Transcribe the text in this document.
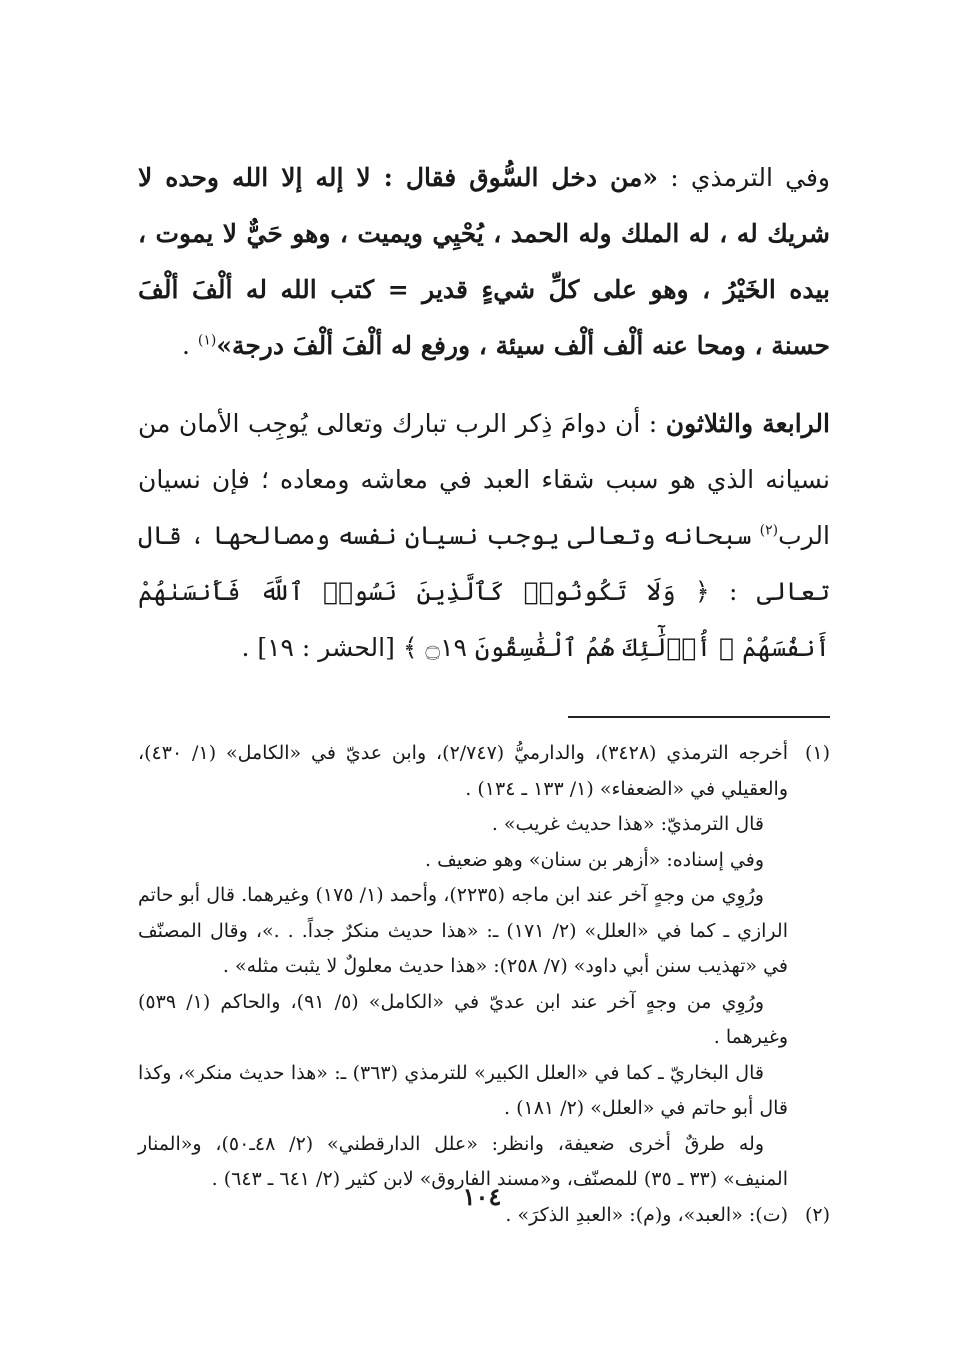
وفي الترمذي : «من دخل السُّوق فقال : لا إله إلا الله وحده لا شريك له ، له الملك وله الحمد ، يُحْيِي ويميت ، وهو حَيٌّ لا يموت ، بيده الخَيْرُ ، وهو على كلِّ شيءٍ قدير = كتب الله له ألْفَ ألْفَ حسنة ، ومحا عنه ألْف ألْف سيئة ، ورفع له ألْفَ ألْفَ درجة»$^{(١)}$ .

الرابعة والثلاثون : أن دوامَ ذِكر الرب تبارك وتعالى يُوجِب الأمان من نسيانه الذي هو سبب شقاء العبد في معاشه ومعاده ؛ فإن نسيان الرب$^{(٢)}$ سبحانه وتعالى يوجب نسيان نفسه ومصالحها ، قال تعالى : ﴿ وَلَا تَكُونُوا۟ كَٱلَّذِينَ نَسُوا۟ ٱللَّهَ فَأَنسَىٰهُمْ أَنفُسَهُمْ ۚ أُو۟لَٰٓئِكَ هُمُ ٱلْفَٰسِقُونَ ۝١٩ ﴾ [الحشر : ١٩] .

(١)

أخرجه الترمذي (٣٤٢٨)، والدارميُّ (٢/٧٤٧)، وابن عديّ في «الكامل» (١/ ٤٣٠)، والعقيلي في «الضعفاء» (١/ ١٣٣ ـ ١٣٤) .

قال الترمذيّ: «هذا حديث غريب» .

وفي إسناده: «أزهر بن سنان» وهو ضعيف .

ورُوِي من وجهٍ آخر عند ابن ماجه (٢٢٣٥)، وأحمد (١/ ١٧٥) وغيرهما. قال أبو حاتم الرازي ـ كما في «العلل» (٢/ ١٧١) ـ: «هذا حديث منكرٌ جداً. . .»، وقال المصنّف في «تهذيب سنن أبي داود» (٧/ ٢٥٨): «هذا حديث معلولٌ لا يثبت مثله» .

ورُوِي من وجهٍ آخر عند ابن عديّ في «الكامل» (٥/ ٩١)، والحاكم (١/ ٥٣٩) وغيرهما .

قال البخاريّ ـ كما في «العلل الكبير» للترمذي (٣٦٣) ـ: «هذا حديث منكر»، وكذا قال أبو حاتم في «العلل» (٢/ ١٨١) .

وله طرقٌ أخرى ضعيفة، وانظر: «علل الدارقطني» (٢/ ٤٨ـ٥٠)، و«المنار المنيف» (٣٣ ـ ٣٥) للمصنّف، و«مسند الفاروق» لابن كثير (٢/ ٦٤١ ـ ٦٤٣) .

(٢)

(ت): «العبد»، و(م): «العبدِ الذكرَ» .

١٠٤
